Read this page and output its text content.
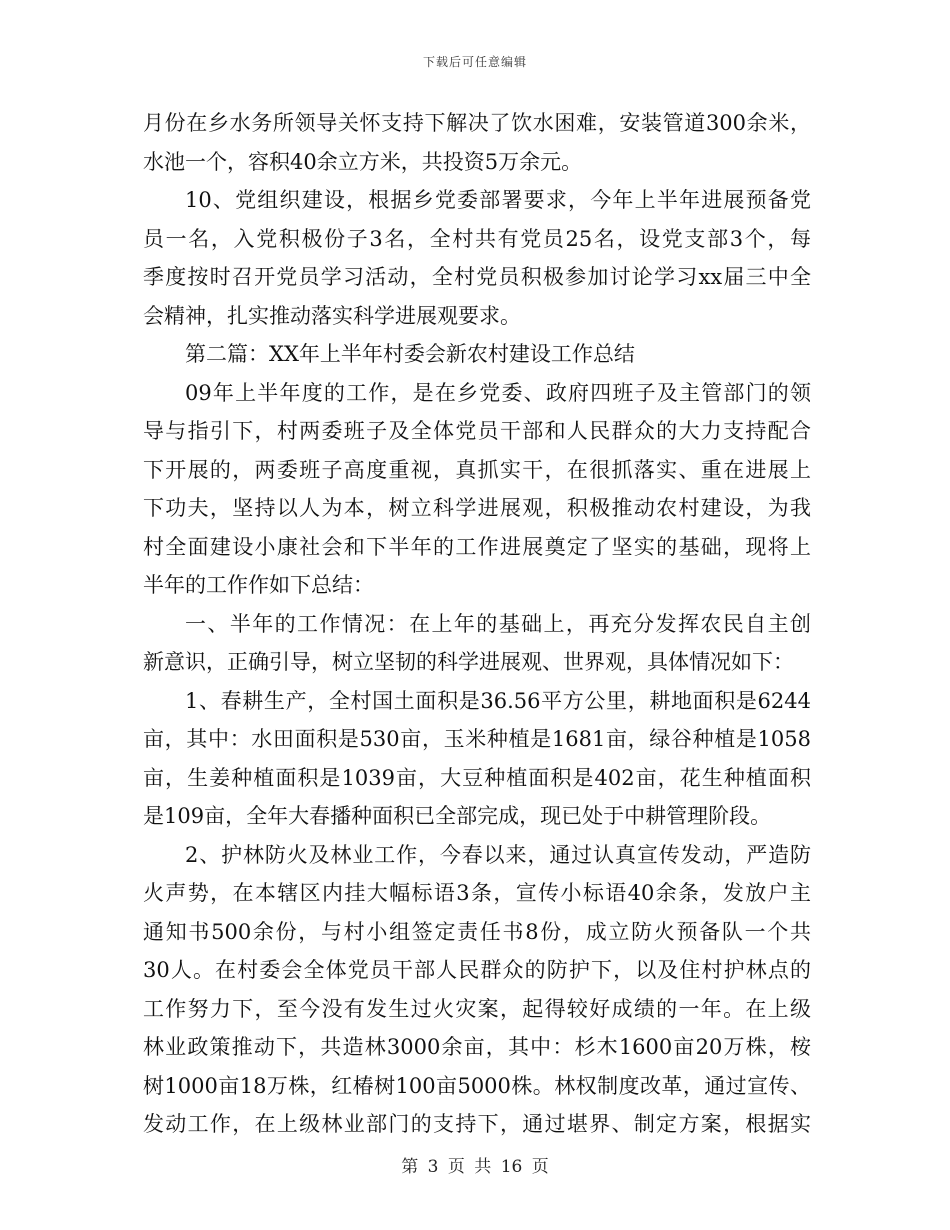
下载后可任意编辑
月份在乡水务所领导关怀支持下解决了饮水困难，安装管道300余米，
水池一个，容积40余立方米，共投资5万余元。
10、党组织建设，根据乡党委部署要求，今年上半年进展预备党
员一名，入党积极份子3名，全村共有党员25名，设党支部3个，每
季度按时召开党员学习活动，全村党员积极参加讨论学习xx届三中全
会精神，扎实推动落实科学进展观要求。
第二篇：XX年上半年村委会新农村建设工作总结
09年上半年度的工作，是在乡党委、政府四班子及主管部门的领
导与指引下，村两委班子及全体党员干部和人民群众的大力支持配合
下开展的，两委班子高度重视，真抓实干，在很抓落实、重在进展上
下功夫，坚持以人为本，树立科学进展观，积极推动农村建设，为我
村全面建设小康社会和下半年的工作进展奠定了坚实的基础，现将上
半年的工作作如下总结：
一、半年的工作情况：在上年的基础上，再充分发挥农民自主创
新意识，正确引导，树立坚韧的科学进展观、世界观，具体情况如下：
1、春耕生产，全村国土面积是36.56平方公里，耕地面积是6244
亩，其中：水田面积是530亩，玉米种植是1681亩，绿谷种植是1058
亩，生姜种植面积是1039亩，大豆种植面积是402亩，花生种植面积
是109亩，全年大春播种面积已全部完成，现已处于中耕管理阶段。
2、护林防火及林业工作，今春以来，通过认真宣传发动，严造防
火声势，在本辖区内挂大幅标语3条，宣传小标语40余条，发放户主
通知书500余份，与村小组签定责任书8份，成立防火预备队一个共
30人。在村委会全体党员干部人民群众的防护下，以及住村护林点的
工作努力下，至今没有发生过火灾案，起得较好成绩的一年。在上级
林业政策推动下，共造林3000余亩，其中：杉木1600亩20万株，桉
树1000亩18万株，红椿树100亩5000株。林权制度改革，通过宣传、
发动工作，在上级林业部门的支持下，通过堪界、制定方案，根据实
第 3 页 共 16 页
